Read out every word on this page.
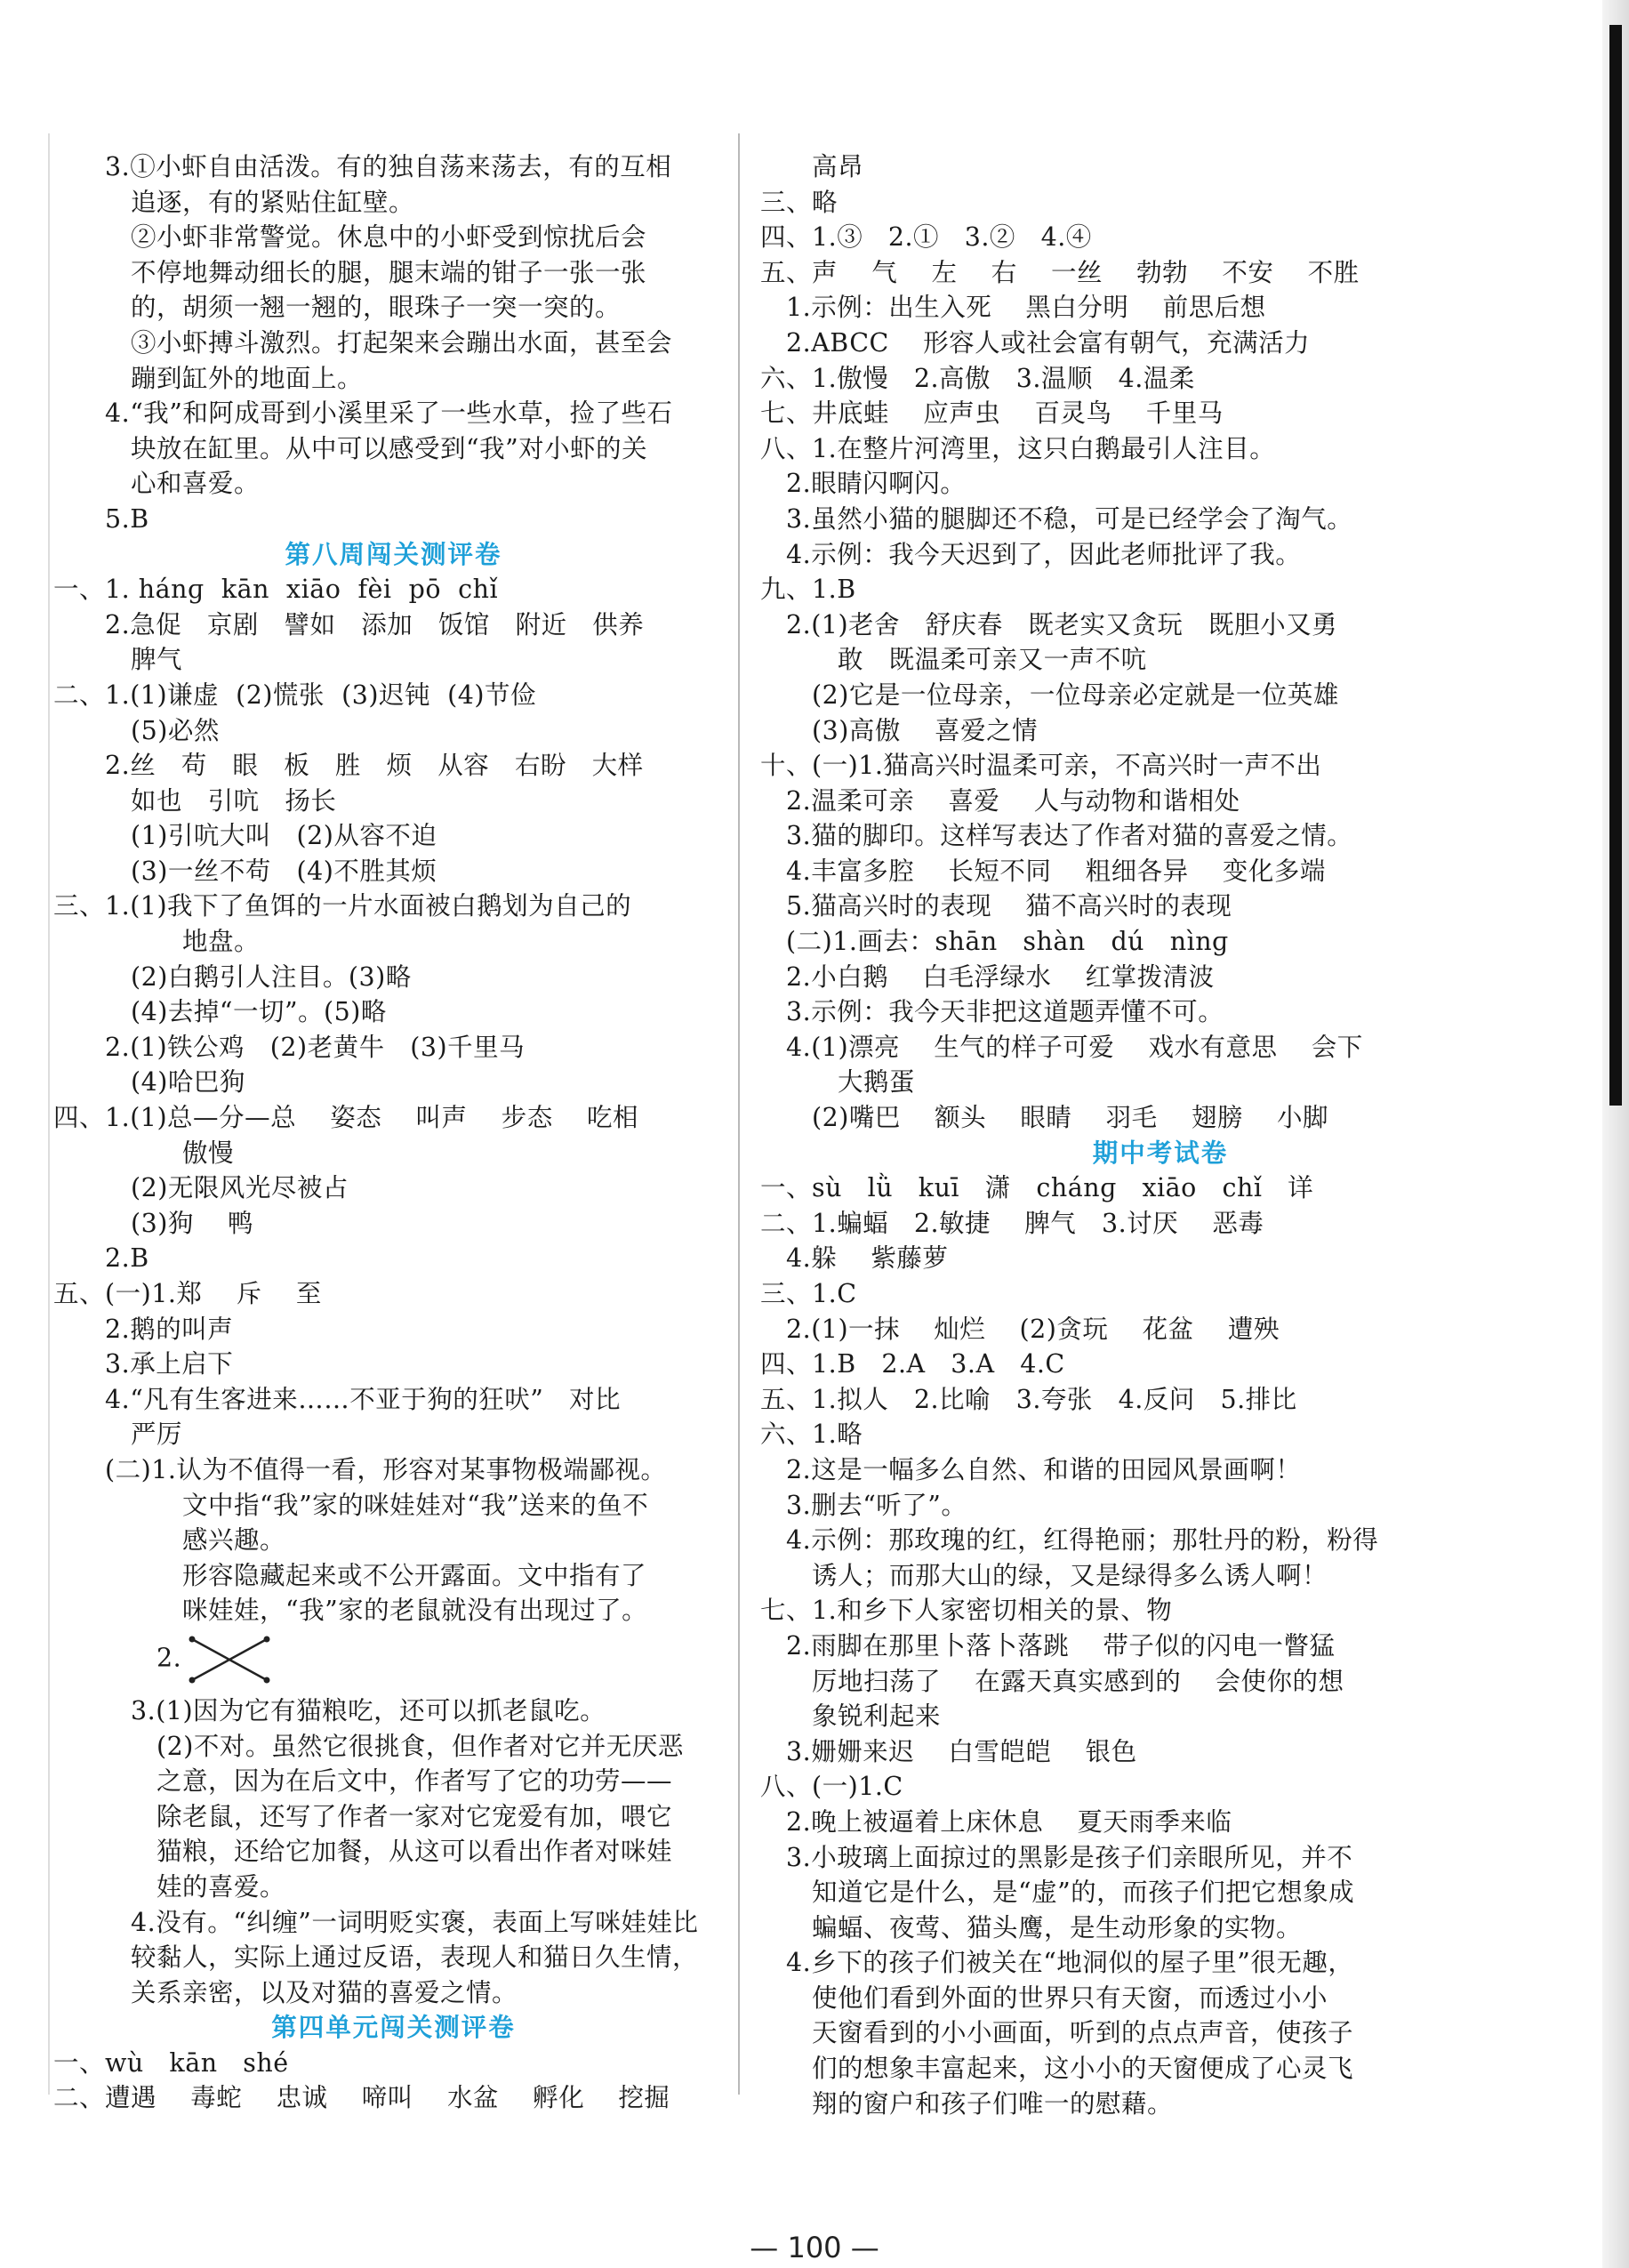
3.①小虾自由活泼。有的独自荡来荡去，有的互相
追逐，有的紧贴住缸壁。
②小虾非常警觉。休息中的小虾受到惊扰后会
不停地舞动细长的腿，腿末端的钳子一张一张
的，胡须一翘一翘的，眼珠子一突一突的。
③小虾搏斗激烈。打起架来会蹦出水面，甚至会
蹦到缸外的地面上。
4.“我”和阿成哥到小溪里采了一些水草，捡了些石
块放在缸里。从中可以感受到“我”对小虾的关
心和喜爱。
5.B
第八周闯关测评卷
一、1. hánɡ  kān  xiāo  fèi  pō  chǐ
2.急促   京剧   譬如   添加   饭馆   附近   供养
脾气
二、1.(1)谦虚  (2)慌张  (3)迟钝  (4)节俭
(5)必然
2.丝   苟   眼   板   胜   烦   从容   右盼   大样
如也   引吭   扬长
(1)引吭大叫   (2)从容不迫
(3)一丝不苟   (4)不胜其烦
三、1.(1)我下了鱼饵的一片水面被白鹅划为自己的
地盘。
(2)白鹅引人注目。(3)略
(4)去掉“一切”。(5)略
2.(1)铁公鸡   (2)老黄牛   (3)千里马
(4)哈巴狗
四、1.(1)总—分—总    姿态    叫声    步态    吃相
傲慢
(2)无限风光尽被占
(3)狗    鸭
2.B
五、(一)1.郑    斥    至
2.鹅的叫声
3.承上启下
4.“凡有生客进来……不亚于狗的狂吠”   对比
严厉
(二)1.认为不值得一看，形容对某事物极端鄙视。
文中指“我”家的咪娃娃对“我”送来的鱼不
感兴趣。
形容隐藏起来或不公开露面。文中指有了
咪娃娃，“我”家的老鼠就没有出现过了。
2.
3.(1)因为它有猫粮吃，还可以抓老鼠吃。
(2)不对。虽然它很挑食，但作者对它并无厌恶
之意，因为在后文中，作者写了它的功劳——
除老鼠，还写了作者一家对它宠爱有加，喂它
猫粮，还给它加餐，从这可以看出作者对咪娃
娃的喜爱。
4.没有。“纠缠”一词明贬实褒，表面上写咪娃娃比
较黏人，实际上通过反语，表现人和猫日久生情，
关系亲密，以及对猫的喜爱之情。
第四单元闯关测评卷
一、wù   kān   shé
二、遭遇    毒蛇    忠诚    啼叫    水盆    孵化    挖掘
高昂
三、略
四、1.③   2.①   3.②   4.④
五、声    气    左    右    一丝    勃勃    不安    不胜
1.示例：出生入死    黑白分明    前思后想
2.ABCC    形容人或社会富有朝气，充满活力
六、1.傲慢   2.高傲   3.温顺   4.温柔
七、井底蛙    应声虫    百灵鸟    千里马
八、1.在整片河湾里，这只白鹅最引人注目。
2.眼睛闪啊闪。
3.虽然小猫的腿脚还不稳，可是已经学会了淘气。
4.示例：我今天迟到了，因此老师批评了我。
九、1.B
2.(1)老舍   舒庆春   既老实又贪玩   既胆小又勇
敢   既温柔可亲又一声不吭
(2)它是一位母亲，一位母亲必定就是一位英雄
(3)高傲    喜爱之情
十、(一)1.猫高兴时温柔可亲，不高兴时一声不出
2.温柔可亲    喜爱    人与动物和谐相处
3.猫的脚印。这样写表达了作者对猫的喜爱之情。
4.丰富多腔    长短不同    粗细各异    变化多端
5.猫高兴时的表现    猫不高兴时的表现
(二)1.画去：shān   shàn   dú   nìnɡ
2.小白鹅    白毛浮绿水    红掌拨清波
3.示例：我今天非把这道题弄懂不可。
4.(1)漂亮    生气的样子可爱    戏水有意思    会下
大鹅蛋
(2)嘴巴    额头    眼睛    羽毛    翅膀    小脚
期中考试卷
一、sù   lǜ   kuī   潇   chánɡ   xiāo   chǐ   详
二、1.蝙蝠   2.敏捷    脾气   3.讨厌    恶毒
4.躲    紫藤萝
三、1.C
2.(1)一抹    灿烂    (2)贪玩    花盆    遭殃
四、1.B   2.A   3.A   4.C
五、1.拟人   2.比喻   3.夸张   4.反问   5.排比
六、1.略
2.这是一幅多么自然、和谐的田园风景画啊！
3.删去“听了”。
4.示例：那玫瑰的红，红得艳丽；那牡丹的粉，粉得
诱人；而那大山的绿，又是绿得多么诱人啊！
七、1.和乡下人家密切相关的景、物
2.雨脚在那里卜落卜落跳    带子似的闪电一瞥猛
厉地扫荡了    在露天真实感到的    会使你的想
象锐利起来
3.姗姗来迟    白雪皑皑    银色
八、(一)1.C
2.晚上被逼着上床休息    夏天雨季来临
3.小玻璃上面掠过的黑影是孩子们亲眼所见，并不
知道它是什么，是“虚”的，而孩子们把它想象成
蝙蝠、夜莺、猫头鹰，是生动形象的实物。
4.乡下的孩子们被关在“地洞似的屋子里”很无趣，
使他们看到外面的世界只有天窗，而透过小小
天窗看到的小小画面，听到的点点声音，使孩子
们的想象丰富起来，这小小的天窗便成了心灵飞
翔的窗户和孩子们唯一的慰藉。
— 100 —
